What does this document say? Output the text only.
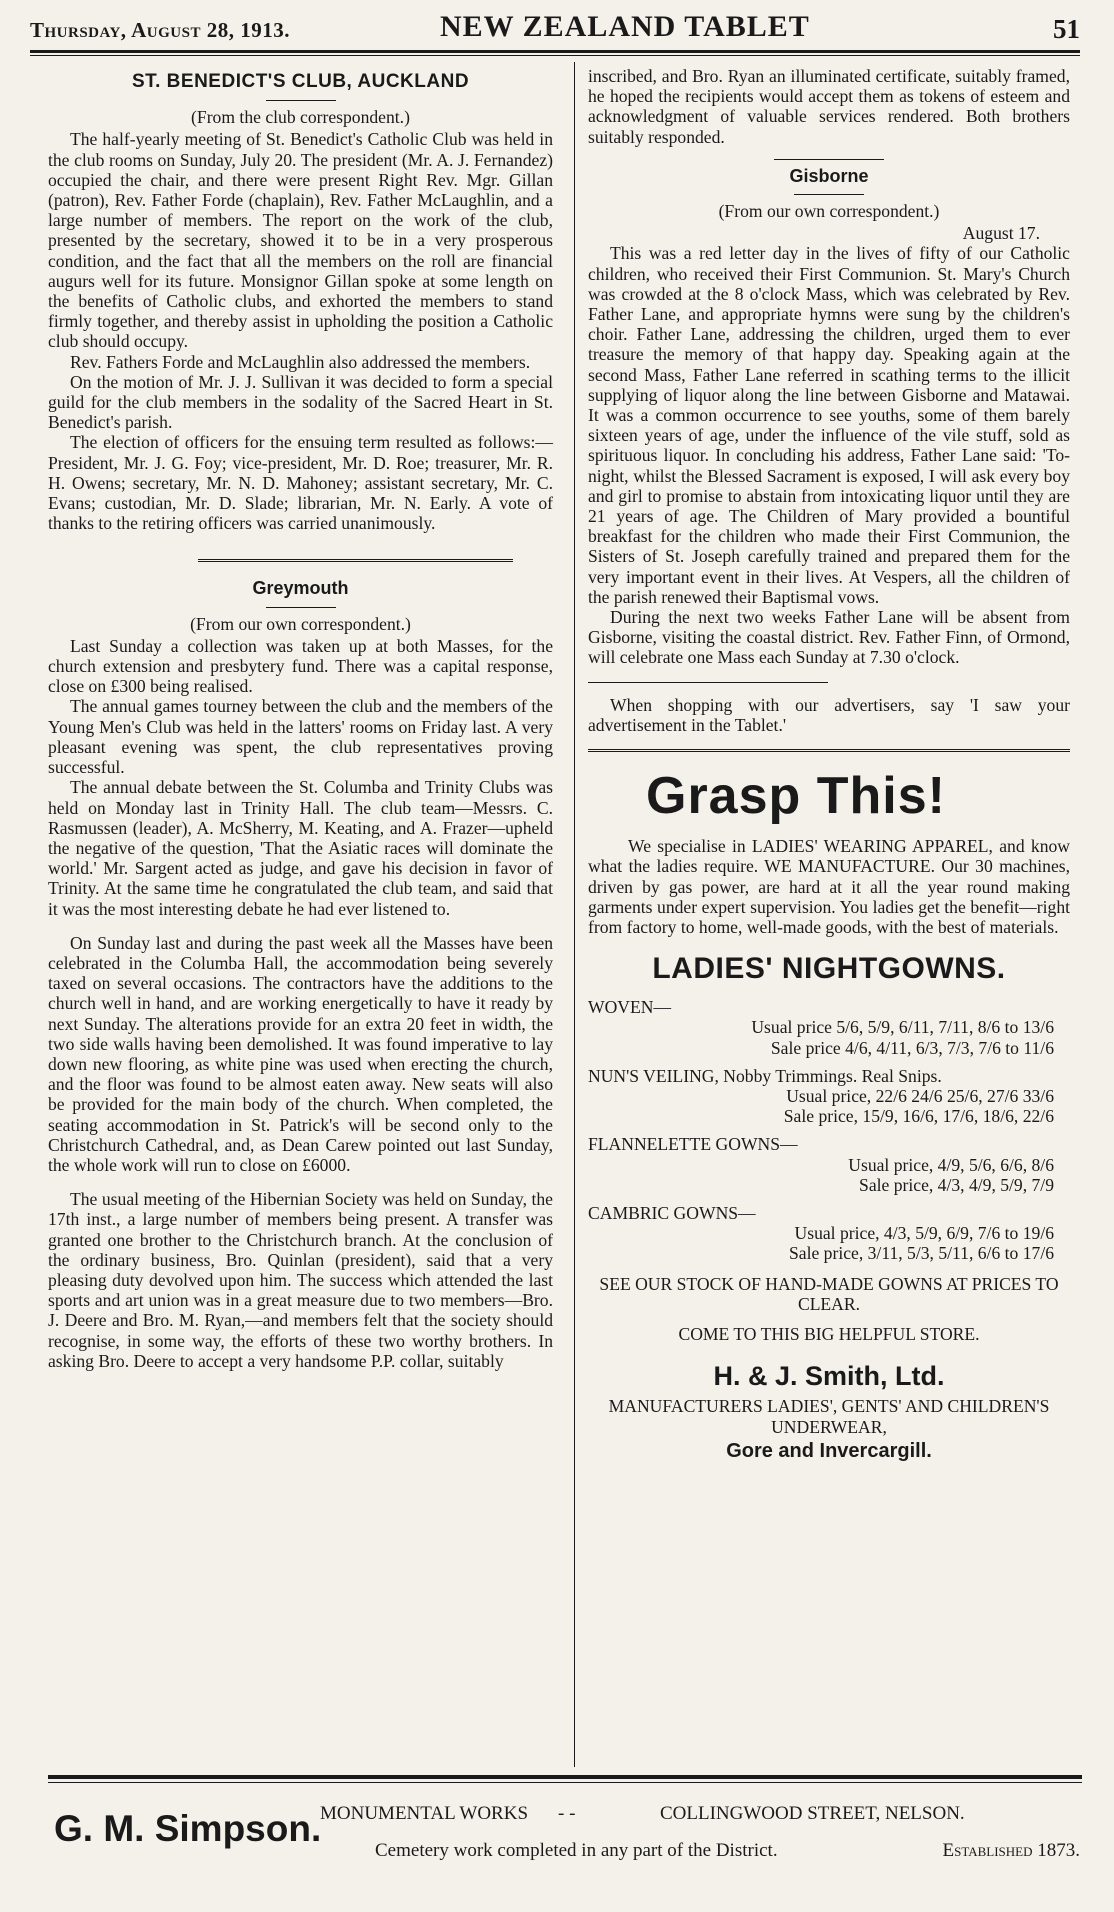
Thursday, August 28, 1913.	NEW ZEALAND TABLET	51
ST. BENEDICT'S CLUB, AUCKLAND

(From the club correspondent.)

The half-yearly meeting of St. Benedict's Catholic Club was held in the club rooms on Sunday, July 20. The president (Mr. A. J. Fernandez) occupied the chair, and there were present Right Rev. Mgr. Gillan (patron), Rev. Father Forde (chaplain), Rev. Father McLaughlin, and a large number of members. The report on the work of the club, presented by the secretary, showed it to be in a very prosperous condition, and the fact that all the members on the roll are financial augurs well for its future. Monsignor Gillan spoke at some length on the benefits of Catholic clubs, and exhorted the members to stand firmly together, and thereby assist in upholding the position a Catholic club should occupy.

Rev. Fathers Forde and McLaughlin also addressed the members.

On the motion of Mr. J. J. Sullivan it was decided to form a special guild for the club members in the sodality of the Sacred Heart in St. Benedict's parish.

The election of officers for the ensuing term resulted as follows:—President, Mr. J. G. Foy; vice-president, Mr. D. Roe; treasurer, Mr. R. H. Owens; secretary, Mr. N. D. Mahoney; assistant secretary, Mr. C. Evans; custodian, Mr. D. Slade; librarian, Mr. N. Early. A vote of thanks to the retiring officers was carried unanimously.

Greymouth

(From our own correspondent.)

Last Sunday a collection was taken up at both Masses, for the church extension and presbytery fund. There was a capital response, close on £300 being realised.

The annual games tourney between the club and the members of the Young Men's Club was held in the latters' rooms on Friday last. A very pleasant evening was spent, the club representatives proving successful.

The annual debate between the St. Columba and Trinity Clubs was held on Monday last in Trinity Hall. The club team—Messrs. C. Rasmussen (leader), A. McSherry, M. Keating, and A. Frazer—upheld the negative of the question, 'That the Asiatic races will dominate the world.' Mr. Sargent acted as judge, and gave his decision in favor of Trinity. At the same time he congratulated the club team, and said that it was the most interesting debate he had ever listened to.

On Sunday last and during the past week all the Masses have been celebrated in the Columba Hall, the accommodation being severely taxed on several occasions. The contractors have the additions to the church well in hand, and are working energetically to have it ready by next Sunday. The alterations provide for an extra 20 feet in width, the two side walls having been demolished. It was found imperative to lay down new flooring, as white pine was used when erecting the church, and the floor was found to be almost eaten away. New seats will also be provided for the main body of the church. When completed, the seating accommodation in St. Patrick's will be second only to the Christchurch Cathedral, and, as Dean Carew pointed out last Sunday, the whole work will run to close on £6000.

The usual meeting of the Hibernian Society was held on Sunday, the 17th inst., a large number of members being present. A transfer was granted one brother to the Christchurch branch. At the conclusion of the ordinary business, Bro. Quinlan (president), said that a very pleasing duty devolved upon him. The success which attended the last sports and art union was in a great measure due to two members—Bro. J. Deere and Bro. M. Ryan,—and members felt that the society should recognise, in some way, the efforts of these two worthy brothers. In asking Bro. Deere to accept a very handsome P.P. collar, suitably

inscribed, and Bro. Ryan an illuminated certificate, suitably framed, he hoped the recipients would accept them as tokens of esteem and acknowledgment of valuable services rendered. Both brothers suitably responded.

Gisborne

(From our own correspondent.)

August 17.

This was a red letter day in the lives of fifty of our Catholic children, who received their First Communion. St. Mary's Church was crowded at the 8 o'clock Mass, which was celebrated by Rev. Father Lane, and appropriate hymns were sung by the children's choir. Father Lane, addressing the children, urged them to ever treasure the memory of that happy day. Speaking again at the second Mass, Father Lane referred in scathing terms to the illicit supplying of liquor along the line between Gisborne and Matawai. It was a common occurrence to see youths, some of them barely sixteen years of age, under the influence of the vile stuff, sold as spirituous liquor. In concluding his address, Father Lane said: 'To-night, whilst the Blessed Sacrament is exposed, I will ask every boy and girl to promise to abstain from intoxicating liquor until they are 21 years of age. The Children of Mary provided a bountiful breakfast for the children who made their First Communion, the Sisters of St. Joseph carefully trained and prepared them for the very important event in their lives. At Vespers, all the children of the parish renewed their Baptismal vows.

During the next two weeks Father Lane will be absent from Gisborne, visiting the coastal district. Rev. Father Finn, of Ormond, will celebrate one Mass each Sunday at 7.30 o'clock.

When shopping with our advertisers, say 'I saw your advertisement in the Tablet.'

Grasp This!

We specialise in LADIES' WEARING APPAREL, and know what the ladies require. WE MANUFACTURE. Our 30 machines, driven by gas power, are hard at it all the year round making garments under expert supervision. You ladies get the benefit—right from factory to home, well-made goods, with the best of materials.

LADIES' NIGHTGOWNS.

WOVEN—

Usual price 5/6, 5/9, 6/11, 7/11, 8/6 to 13/6

Sale price 4/6, 4/11, 6/3, 7/3, 7/6 to 11/6

NUN'S VEILING, Nobby Trimmings. Real Snips.

Usual price, 22/6 24/6 25/6, 27/6 33/6

Sale price, 15/9, 16/6, 17/6, 18/6, 22/6

FLANNELETTE GOWNS—

Usual price, 4/9, 5/6, 6/6, 8/6

Sale price, 4/3, 4/9, 5/9, 7/9

CAMBRIC GOWNS—

Usual price, 4/3, 5/9, 6/9, 7/6 to 19/6

Sale price, 3/11, 5/3, 5/11, 6/6 to 17/6

SEE OUR STOCK OF HAND-MADE GOWNS AT PRICES TO CLEAR.

COME TO THIS BIG HELPFUL STORE.

H. & J. Smith, Ltd.

MANUFACTURERS LADIES', GENTS' AND CHILDREN'S UNDERWEAR,

Gore and Invercargill.
G. M. Simpson.
MONUMENTAL WORKS - -	COLLINGWOOD STREET, NELSON.
Cemetery work completed in any part of the District.	Established 1873.
